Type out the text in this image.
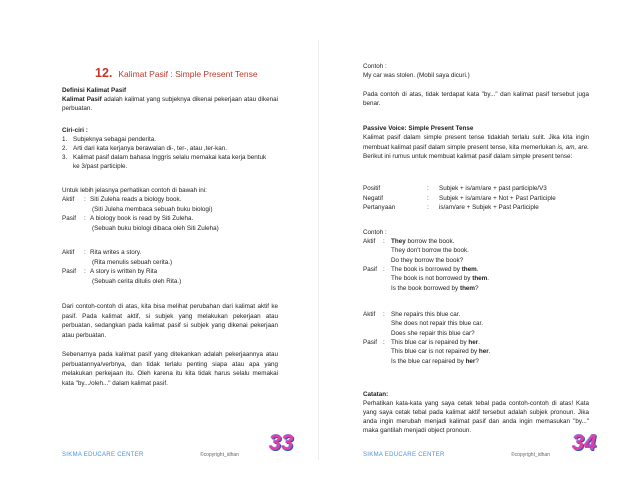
12. Kalimat Pasif : Simple Present Tense
Definisi Kalimat Pasif
Kalimat Pasif adalah kalimat yang subjeknya dikenai pekerjaan atau dikenai perbuatan.
Ciri-ciri :
1. Subjeknya sebagai penderita.
2. Arti dari kata kerjanya berawalan di-, ter-, atau ,ter-kan.
3. Kalimat pasif dalam bahasa Inggris selalu memakai kata kerja bentuk
ke 3/past participle.
Untuk lebih jelasnya perhatikan contoh di bawah ini:
Aktif : Siti Zuleha reads a biology book.
(Siti Juleha membaca sebuah buku biologi)
Pasif : A biology book is read by Siti Zuleha.
(Sebuah buku biologi dibaca oleh Siti Zuleha)
Aktif : Rita writes a story.
(Rita menulis sebuah cerita.)
Pasif : A story is written by Rita
(Sebuah cerita ditulis oleh Rita.)
Dari contoh-contoh di atas, kita bisa melihat perubahan dari kalimat aktif ke pasif. Pada kalimat aktif, si subjek yang melakukan pekerjaan atau perbuatan, sedangkan pada kalimat pasif si subjek yang dikenai pekerjaan atau perbuatan.
Sebenarnya pada kalimat pasif yang ditekankan adalah pekerjaannya atau perbuatannya/verbnya, dan tidak terlalu penting siapa atau apa yang melakukan perkejaan itu. Oleh karena itu kita tidak harus selalu memakai kata "by.../oleh..." dalam kalimat pasif.
SIKMA EDUCARE CENTER	©copyright_idhan 33
Contoh :
My car was stolen. (Mobil saya dicuri.)
Pada contoh di atas, tidak terdapat kata "by..." dan kalimat pasif tersebut juga benar.
Passive Voice: Simple Present Tense
Kalimat pasif dalam simple present tense tidaklah terlalu sulit. Jika kita ingin membuat kalimat pasif dalam simple present tense, kita memerlukan is, am, are. Berikut ini rumus untuk membuat kalimat pasif dalam simple present tense:
Positif	: Subjek + is/am/are + past participle/V3
Negatif	: Subjek + is/am/are + Not + Past Participle
Pertanyaan	: is/am/are + Subjek + Past Participle
Contoh :
Aktif : They borrow the book.
They don't borrow the book.
Do they borrow the book?
Pasif : The book is borrowed by them.
The book is not borrowed by them.
Is the book borrowed by them?
Aktif : She repairs this blue car.
She does not repair this blue car.
Does she repair this blue car?
Pasif : This blue car is repaired by her.
This blue car is not repaired by her.
Is the blue car repaired by her?
Catatan:
Perhatikan kata-kata yang saya cetak tebal pada contoh-contoh di atas! Kata yang saya cetak tebal pada kalimat aktif tersebut adalah subjek pronoun. Jika anda ingin merubah menjadi kalimat pasif dan anda ingin memasukan "by..." maka gantilah menjadi object pronoun.
SIKMA EDUCARE CENTER	©copyright_idhan 34
